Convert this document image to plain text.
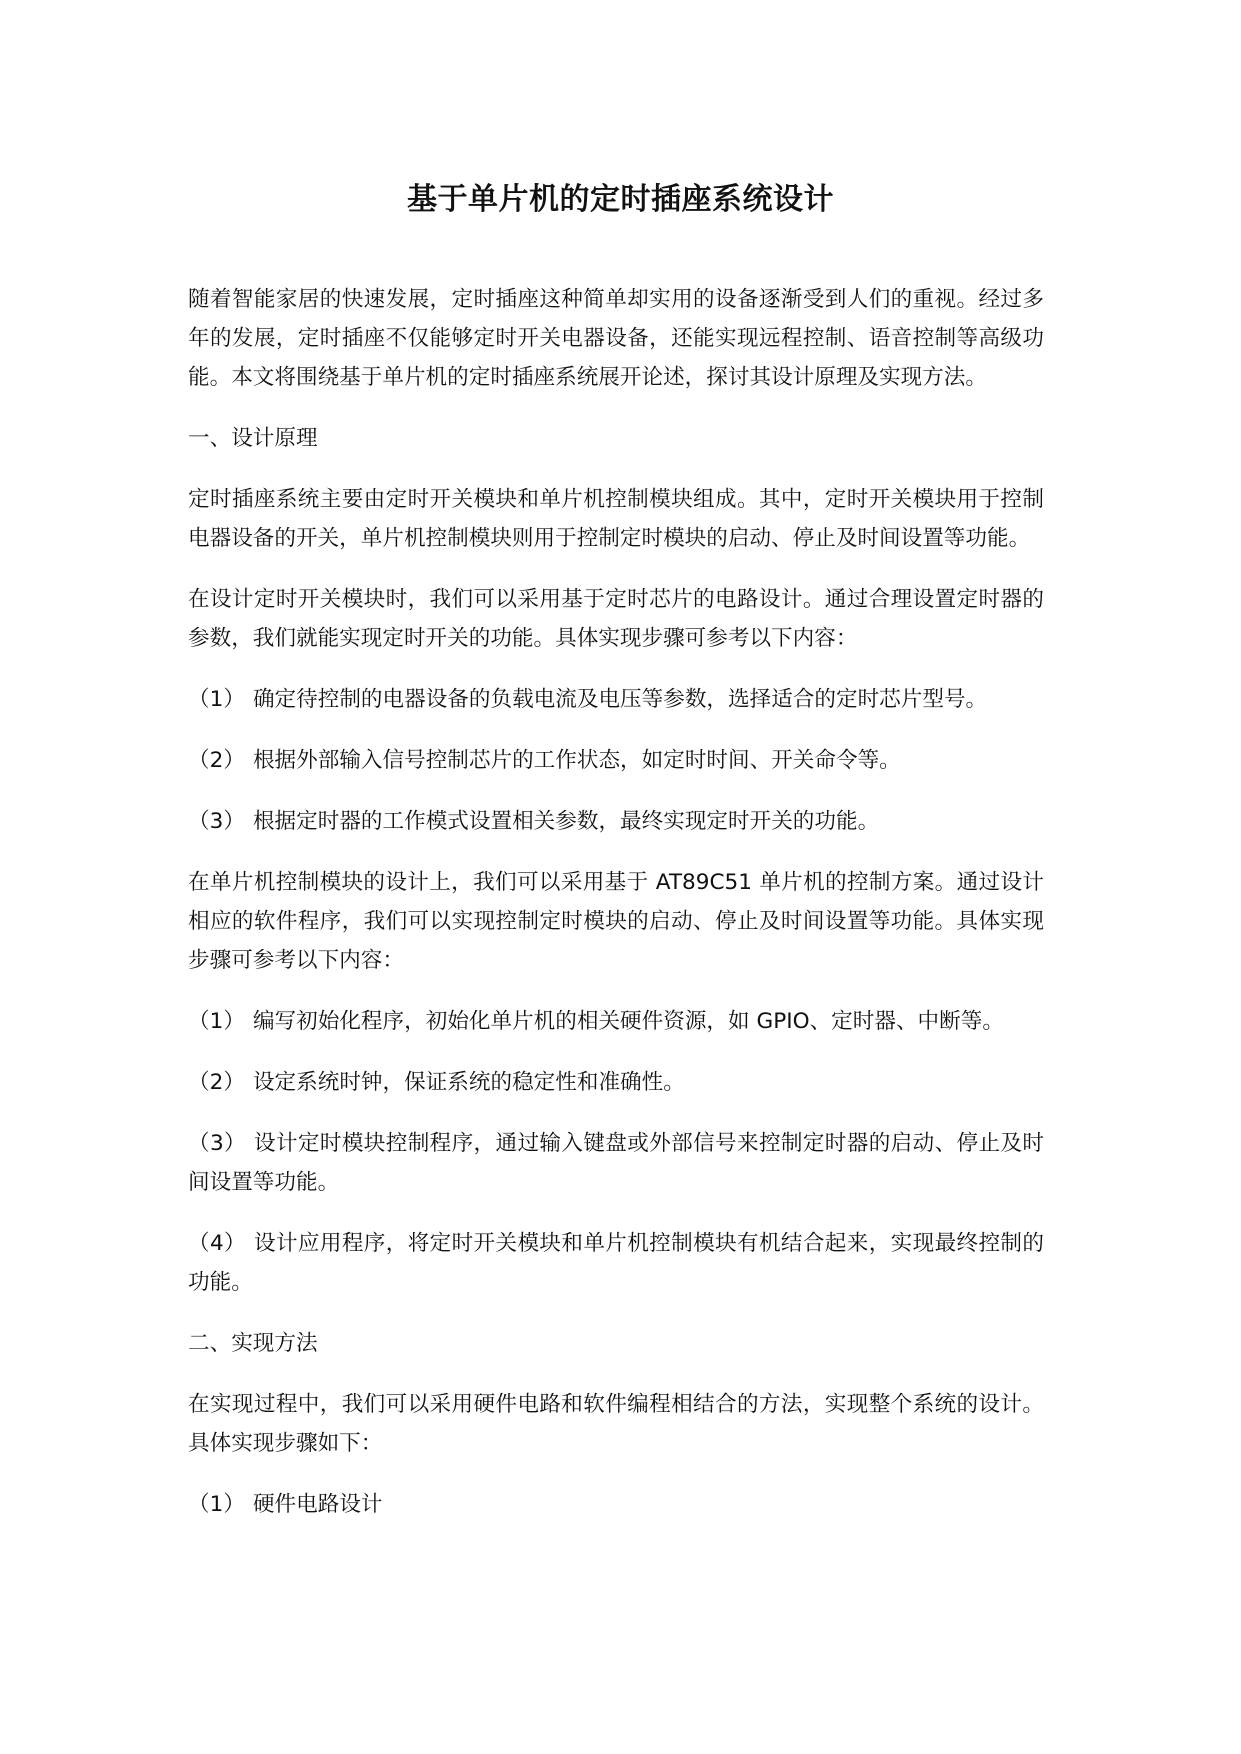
基于单片机的定时插座系统设计

随着智能家居的快速发展，定时插座这种简单却实用的设备逐渐受到人们的重视。经过多年的发展，定时插座不仅能够定时开关电器设备，还能实现远程控制、语音控制等高级功能。本文将围绕基于单片机的定时插座系统展开论述，探讨其设计原理及实现方法。

一、设计原理

定时插座系统主要由定时开关模块和单片机控制模块组成。其中，定时开关模块用于控制电器设备的开关，单片机控制模块则用于控制定时模块的启动、停止及时间设置等功能。

在设计定时开关模块时，我们可以采用基于定时芯片的电路设计。通过合理设置定时器的参数，我们就能实现定时开关的功能。具体实现步骤可参考以下内容：

（1） 确定待控制的电器设备的负载电流及电压等参数，选择适合的定时芯片型号。

（2） 根据外部输入信号控制芯片的工作状态，如定时时间、开关命令等。

（3） 根据定时器的工作模式设置相关参数，最终实现定时开关的功能。

在单片机控制模块的设计上，我们可以采用基于 AT89C51 单片机的控制方案。通过设计相应的软件程序，我们可以实现控制定时模块的启动、停止及时间设置等功能。具体实现步骤可参考以下内容：

（1） 编写初始化程序，初始化单片机的相关硬件资源，如 GPIO、定时器、中断等。

（2） 设定系统时钟，保证系统的稳定性和准确性。

（3） 设计定时模块控制程序，通过输入键盘或外部信号来控制定时器的启动、停止及时间设置等功能。

（4） 设计应用程序，将定时开关模块和单片机控制模块有机结合起来，实现最终控制的功能。

二、实现方法

在实现过程中，我们可以采用硬件电路和软件编程相结合的方法，实现整个系统的设计。具体实现步骤如下：

（1） 硬件电路设计
